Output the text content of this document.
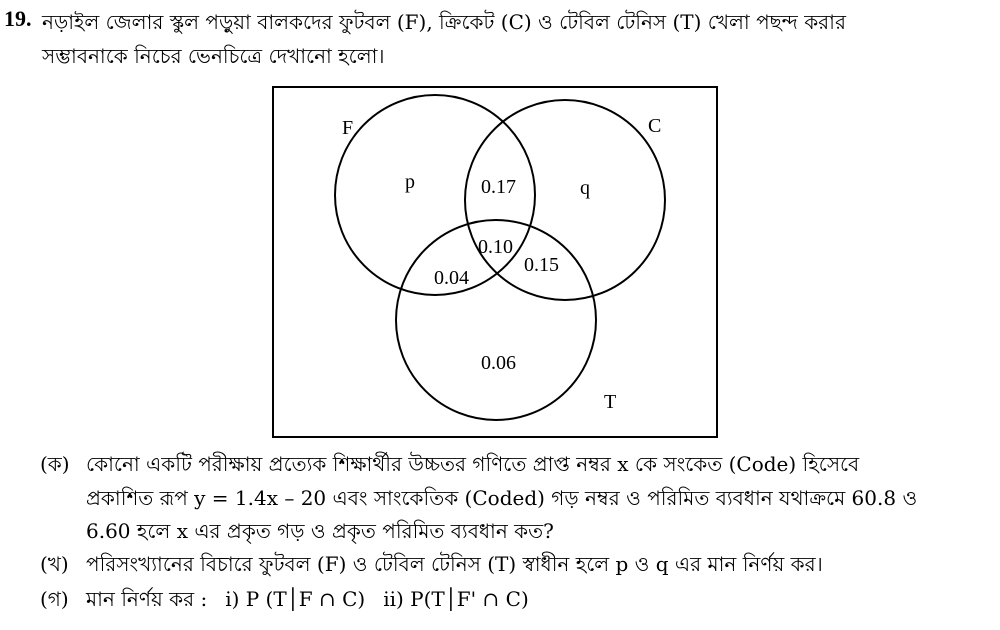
19. নড়াইল জেলার স্কুল পড়ুয়া বালকদের ফুটবল (F), ক্রিকেট (C) ও টেবিল টেনিস (T) খেলা পছন্দ করার
সম্ভাবনাকে নিচের ভেনচিত্রে দেখানো হলো।
F	C
T
p	q
0.17
0.10
0.04
0.15
0.06
(ক) কোনো একটি পরীক্ষায় প্রত্যেক শিক্ষার্থীর উচ্চতর গণিতে প্রাপ্ত নম্বর x কে সংকেত (Code) হিসেবে
প্রকাশিত রূপ y = 1.4x – 20 এবং সাংকেতিক (Coded) গড় নম্বর ও পরিমিত ব্যবধান যথাক্রমে 60.8 ও
6.60 হলে x এর প্রকৃত গড় ও প্রকৃত পরিমিত ব্যবধান কত?
(খ) পরিসংখ্যানের বিচারে ফুটবল (F) ও টেবিল টেনিস (T) স্বাধীন হলে p ও q এর মান নির্ণয় কর।
(গ) মান নির্ণয় কর : i) P (T│F ∩ C) ii) P(T│F' ∩ C)
